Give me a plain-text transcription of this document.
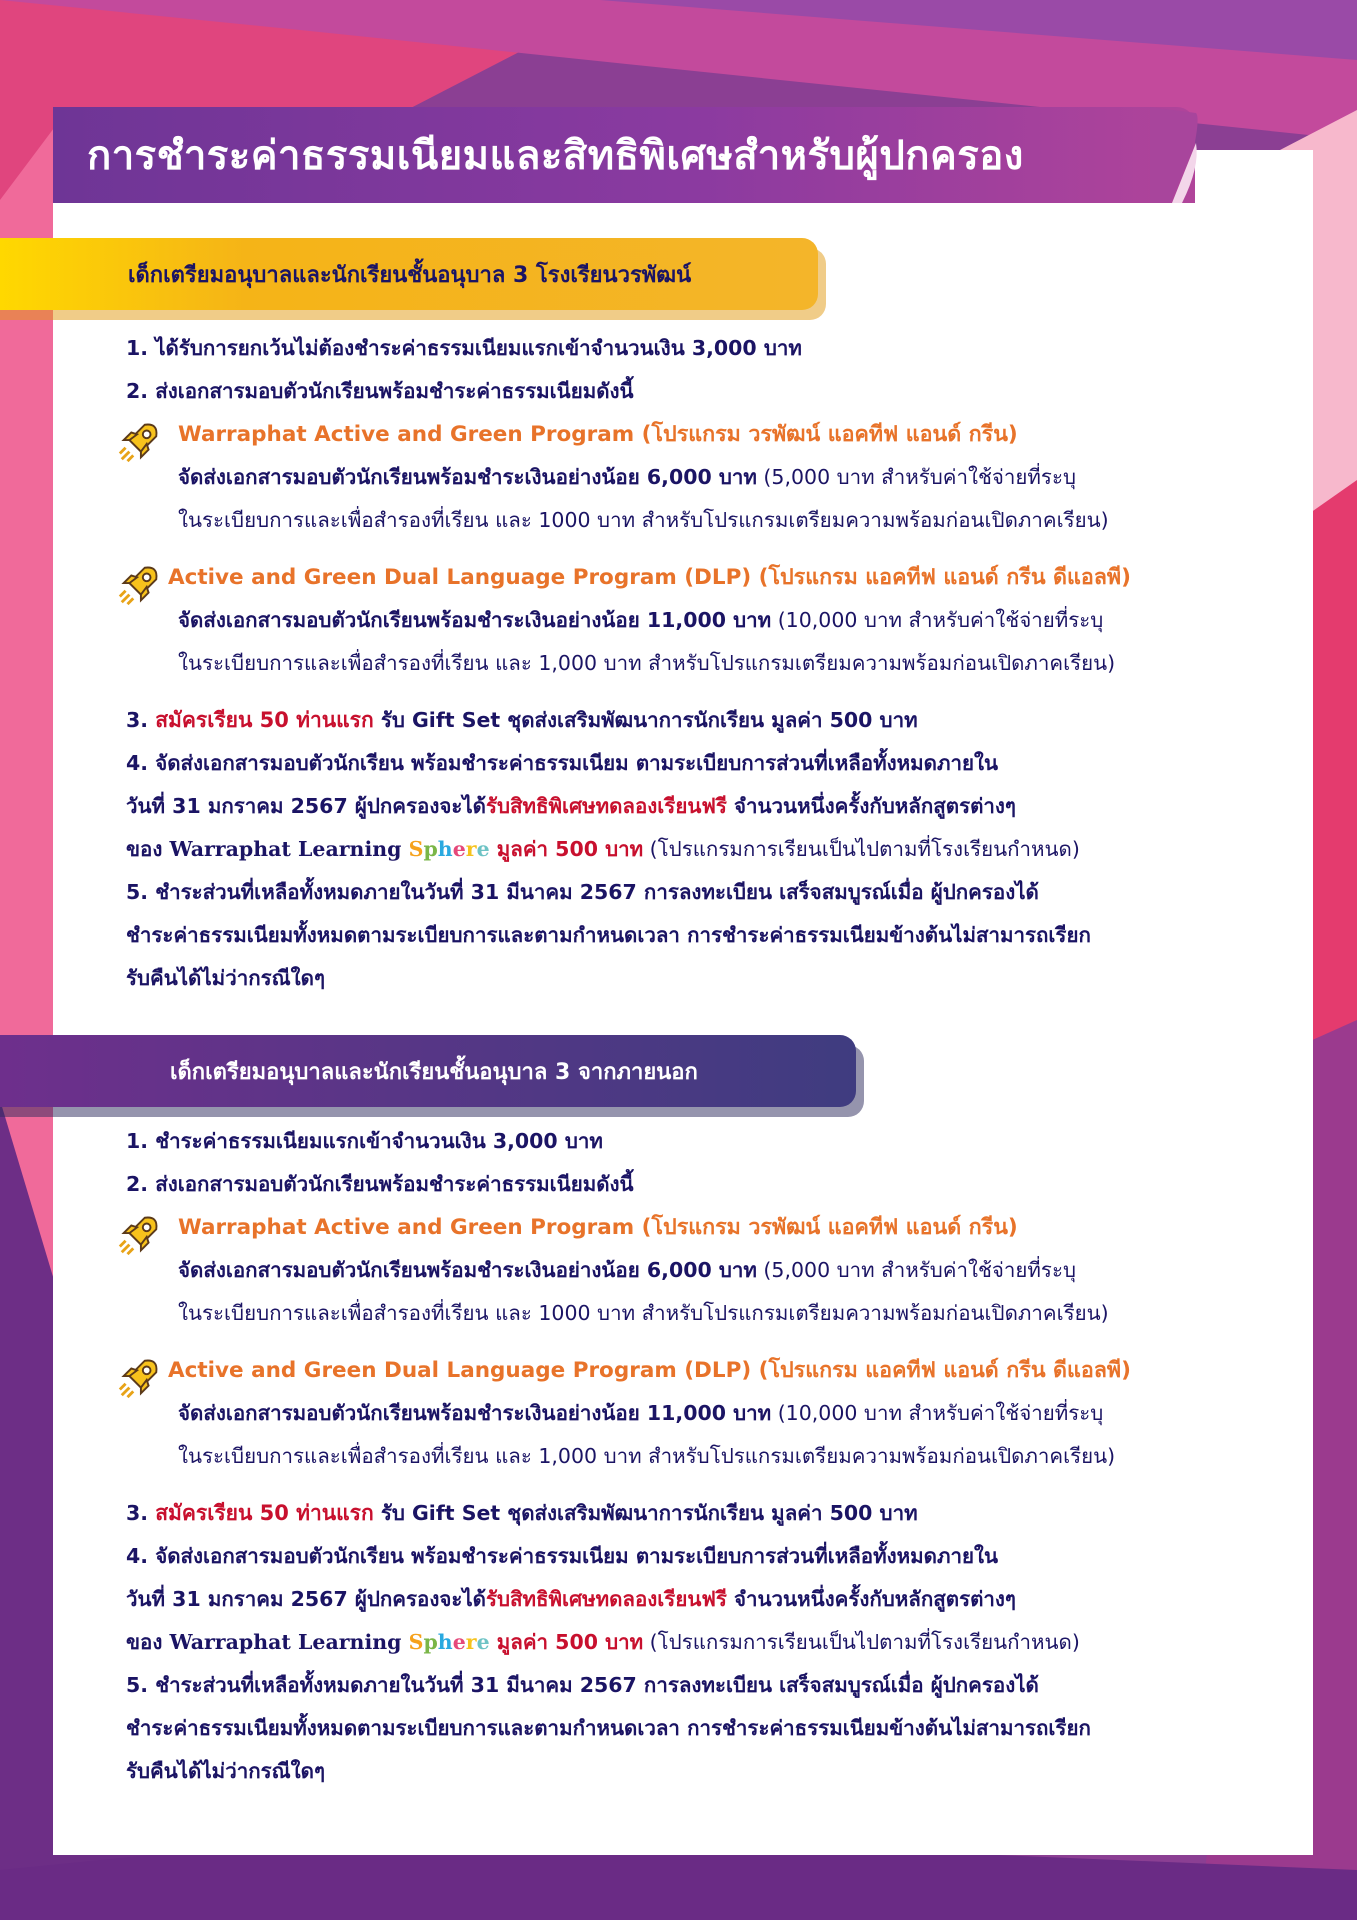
การชำระค่าธรรมเนียมและสิทธิพิเศษสำหรับผู้ปกครอง
เด็กเตรียมอนุบาลและนักเรียนชั้นอนุบาล 3 โรงเรียนวรพัฒน์
1. ได้รับการยกเว้นไม่ต้องชำระค่าธรรมเนียมแรกเข้าจำนวนเงิน 3,000 บาท
2. ส่งเอกสารมอบตัวนักเรียนพร้อมชำระค่าธรรมเนียมดังนี้
Warraphat Active and Green Program (โปรแกรม วรพัฒน์ แอคทีฟ แอนด์ กรีน)
จัดส่งเอกสารมอบตัวนักเรียนพร้อมชำระเงินอย่างน้อย 6,000 บาท (5,000 บาท สำหรับค่าใช้จ่ายที่ระบุ
ในระเบียบการและเพื่อสำรองที่เรียน และ 1000 บาท สำหรับโปรแกรมเตรียมความพร้อมก่อนเปิดภาคเรียน)
Active and Green Dual Language Program (DLP) (โปรแกรม แอคทีฟ แอนด์ กรีน ดีแอลพี)
จัดส่งเอกสารมอบตัวนักเรียนพร้อมชำระเงินอย่างน้อย 11,000 บาท (10,000 บาท สำหรับค่าใช้จ่ายที่ระบุ
ในระเบียบการและเพื่อสำรองที่เรียน และ 1,000 บาท สำหรับโปรแกรมเตรียมความพร้อมก่อนเปิดภาคเรียน)
3. สมัครเรียน 50 ท่านแรก รับ Gift Set ชุดส่งเสริมพัฒนาการนักเรียน มูลค่า 500 บาท
4. จัดส่งเอกสารมอบตัวนักเรียน พร้อมชำระค่าธรรมเนียม ตามระเบียบการส่วนที่เหลือทั้งหมดภายใน
วันที่ 31 มกราคม 2567 ผู้ปกครองจะได้รับสิทธิพิเศษทดลองเรียนฟรี จำนวนหนึ่งครั้งกับหลักสูตรต่างๆ
ของ Warraphat Learning Sphere มูลค่า 500 บาท (โปรแกรมการเรียนเป็นไปตามที่โรงเรียนกำหนด)
5. ชำระส่วนที่เหลือทั้งหมดภายในวันที่ 31 มีนาคม 2567 การลงทะเบียน เสร็จสมบูรณ์เมื่อ ผู้ปกครองได้
ชำระค่าธรรมเนียมทั้งหมดตามระเบียบการและตามกำหนดเวลา การชำระค่าธรรมเนียมข้างต้นไม่สามารถเรียก
รับคืนได้ไม่ว่ากรณีใดๆ
เด็กเตรียมอนุบาลและนักเรียนชั้นอนุบาล 3 จากภายนอก
1. ชำระค่าธรรมเนียมแรกเข้าจำนวนเงิน 3,000 บาท
2. ส่งเอกสารมอบตัวนักเรียนพร้อมชำระค่าธรรมเนียมดังนี้
Warraphat Active and Green Program (โปรแกรม วรพัฒน์ แอคทีฟ แอนด์ กรีน)
จัดส่งเอกสารมอบตัวนักเรียนพร้อมชำระเงินอย่างน้อย 6,000 บาท (5,000 บาท สำหรับค่าใช้จ่ายที่ระบุ
ในระเบียบการและเพื่อสำรองที่เรียน และ 1000 บาท สำหรับโปรแกรมเตรียมความพร้อมก่อนเปิดภาคเรียน)
Active and Green Dual Language Program (DLP) (โปรแกรม แอคทีฟ แอนด์ กรีน ดีแอลพี)
จัดส่งเอกสารมอบตัวนักเรียนพร้อมชำระเงินอย่างน้อย 11,000 บาท (10,000 บาท สำหรับค่าใช้จ่ายที่ระบุ
ในระเบียบการและเพื่อสำรองที่เรียน และ 1,000 บาท สำหรับโปรแกรมเตรียมความพร้อมก่อนเปิดภาคเรียน)
3. สมัครเรียน 50 ท่านแรก รับ Gift Set ชุดส่งเสริมพัฒนาการนักเรียน มูลค่า 500 บาท
4. จัดส่งเอกสารมอบตัวนักเรียน พร้อมชำระค่าธรรมเนียม ตามระเบียบการส่วนที่เหลือทั้งหมดภายใน
วันที่ 31 มกราคม 2567 ผู้ปกครองจะได้รับสิทธิพิเศษทดลองเรียนฟรี จำนวนหนึ่งครั้งกับหลักสูตรต่างๆ
ของ Warraphat Learning Sphere มูลค่า 500 บาท (โปรแกรมการเรียนเป็นไปตามที่โรงเรียนกำหนด)
5. ชำระส่วนที่เหลือทั้งหมดภายในวันที่ 31 มีนาคม 2567 การลงทะเบียน เสร็จสมบูรณ์เมื่อ ผู้ปกครองได้
ชำระค่าธรรมเนียมทั้งหมดตามระเบียบการและตามกำหนดเวลา การชำระค่าธรรมเนียมข้างต้นไม่สามารถเรียก
รับคืนได้ไม่ว่ากรณีใดๆ
